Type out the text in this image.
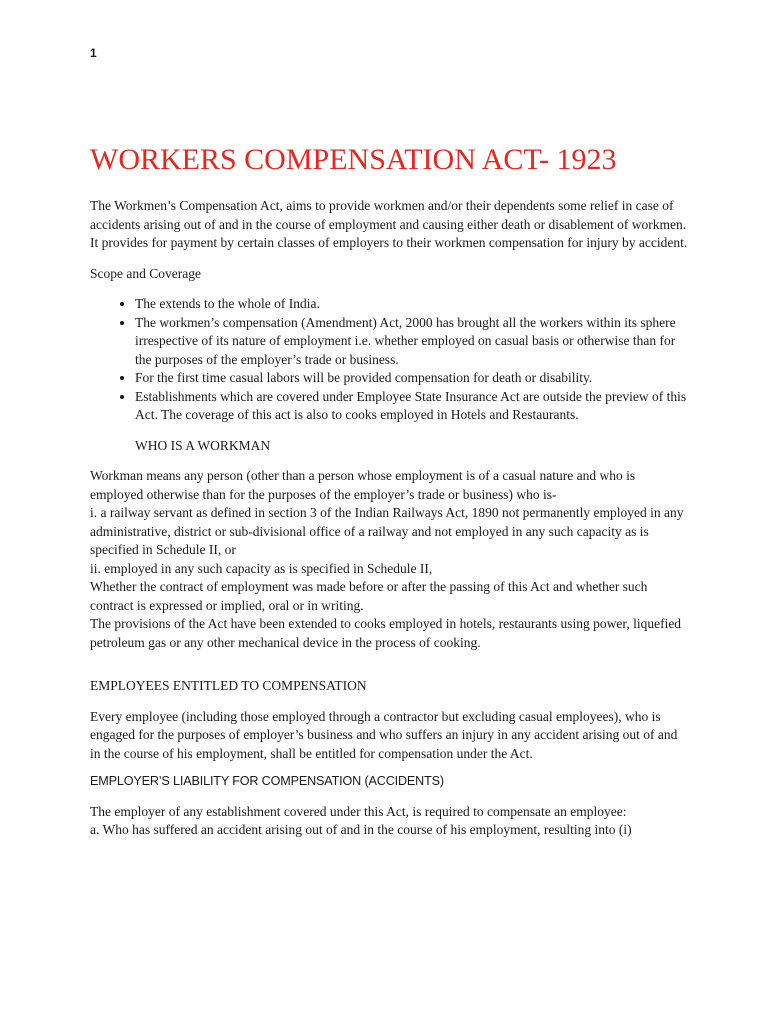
1

WORKERS COMPENSATION ACT- 1923

The Workmen’s Compensation Act, aims to provide workmen and/or their dependents some relief in case of accidents arising out of and in the course of employment and causing either death or disablement of workmen.

It provides for payment by certain classes of employers to their workmen compensation for injury by accident.

Scope and Coverage

• The extends to the whole of India.
• The workmen’s compensation (Amendment) Act, 2000 has brought all the workers within its sphere irrespective of its nature of employment i.e. whether employed on casual basis or otherwise than for the purposes of the employer’s trade or business.
• For the first time casual labors will be provided compensation for death or disability.
• Establishments which are covered under Employee State Insurance Act are outside the preview of this Act. The coverage of this act is also to cooks employed in Hotels and Restaurants.

WHO IS A WORKMAN

Workman means any person (other than a person whose employment is of a casual nature and who is employed otherwise than for the purposes of the employer’s trade or business) who is-

i. a railway servant as defined in section 3 of the Indian Railways Act, 1890 not permanently employed in any administrative, district or sub-divisional office of a railway and not employed in any such capacity as is specified in Schedule II, or

ii. employed in any such capacity as is specified in Schedule II,

Whether the contract of employment was made before or after the passing of this Act and whether such contract is expressed or implied, oral or in writing.

The provisions of the Act have been extended to cooks employed in hotels, restaurants using power, liquefied petroleum gas or any other mechanical device in the process of cooking.

EMPLOYEES ENTITLED TO COMPENSATION

Every employee (including those employed through a contractor but excluding casual employees), who is engaged for the purposes of employer’s business and who suffers an injury in any accident arising out of and in the course of his employment, shall be entitled for compensation under the Act.

EMPLOYER’S LIABILITY FOR COMPENSATION (ACCIDENTS)

The employer of any establishment covered under this Act, is required to compensate an employee:

a. Who has suffered an accident arising out of and in the course of his employment, resulting into (i)
